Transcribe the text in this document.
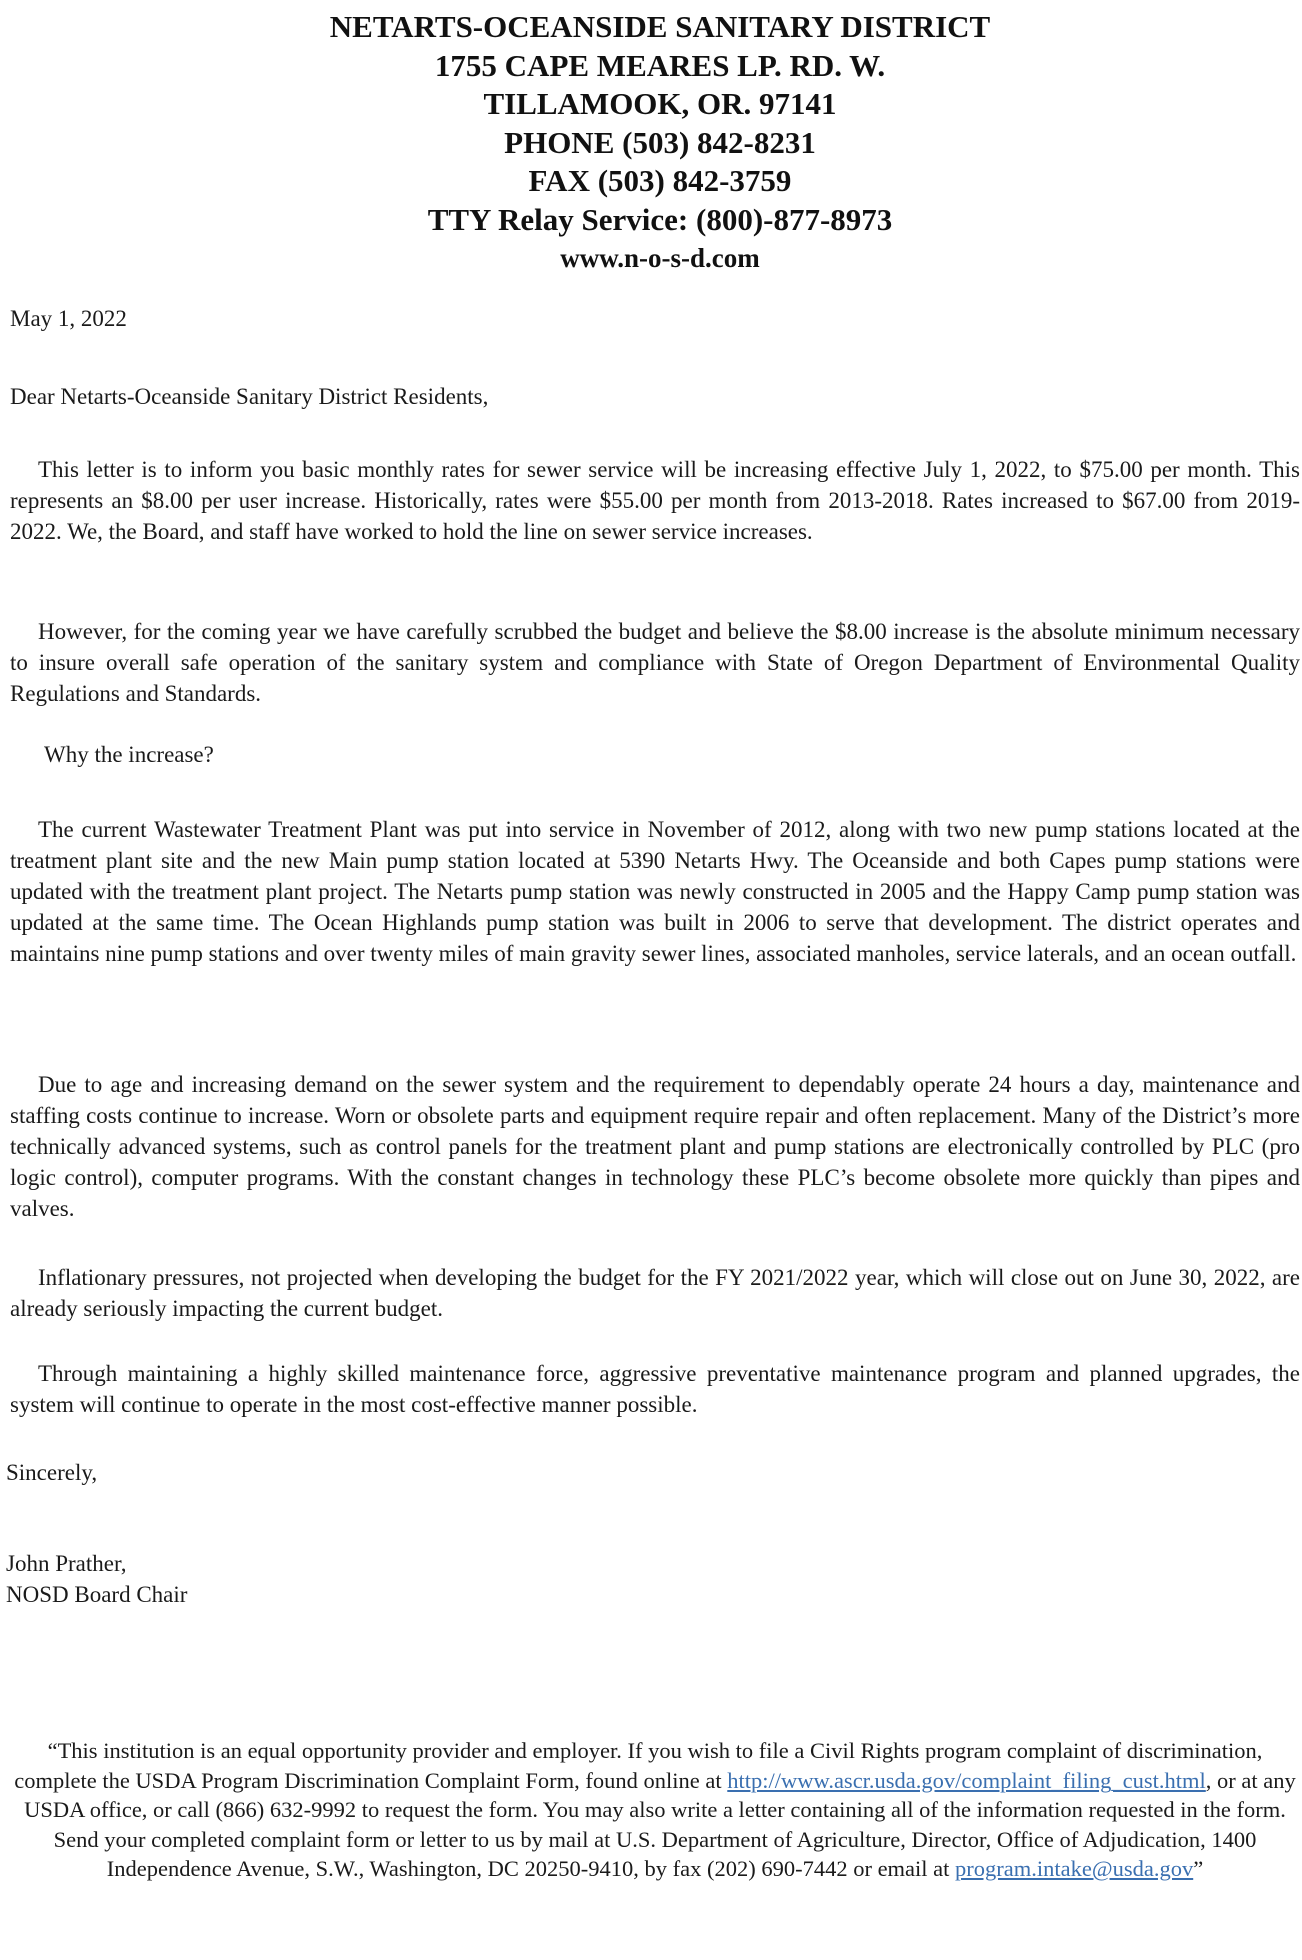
NETARTS-OCEANSIDE SANITARY DISTRICT
1755 CAPE MEARES LP. RD. W.
TILLAMOOK, OR. 97141
PHONE (503) 842-8231
FAX (503) 842-3759
TTY Relay Service: (800)-877-8973
www.n-o-s-d.com
May 1, 2022
Dear Netarts-Oceanside Sanitary District Residents,

This letter is to inform you basic monthly rates for sewer service will be increasing effective July 1, 2022, to $75.00 per month. This represents an $8.00 per user increase. Historically, rates were $55.00 per month from 2013-2018. Rates increased to $67.00 from 2019-2022. We, the Board, and staff have worked to hold the line on sewer service increases.

However, for the coming year we have carefully scrubbed the budget and believe the $8.00 increase is the absolute minimum necessary to insure overall safe operation of the sanitary system and compliance with State of Oregon Department of Environmental Quality Regulations and Standards.

Why the increase?

The current Wastewater Treatment Plant was put into service in November of 2012, along with two new pump stations located at the treatment plant site and the new Main pump station located at 5390 Netarts Hwy. The Oceanside and both Capes pump stations were updated with the treatment plant project. The Netarts pump station was newly constructed in 2005 and the Happy Camp pump station was updated at the same time. The Ocean Highlands pump station was built in 2006 to serve that development. The district operates and maintains nine pump stations and over twenty miles of main gravity sewer lines, associated manholes, service laterals, and an ocean outfall.

Due to age and increasing demand on the sewer system and the requirement to dependably operate 24 hours a day, maintenance and staffing costs continue to increase. Worn or obsolete parts and equipment require repair and often replacement. Many of the District’s more technically advanced systems, such as control panels for the treatment plant and pump stations are electronically controlled by PLC (pro logic control), computer programs. With the constant changes in technology these PLC’s become obsolete more quickly than pipes and valves.

Inflationary pressures, not projected when developing the budget for the FY 2021/2022 year, which will close out on June 30, 2022, are already seriously impacting the current budget.

Through maintaining a highly skilled maintenance force, aggressive preventative maintenance program and planned upgrades, the system will continue to operate in the most cost-effective manner possible.

Sincerely,
John Prather,
NOSD Board Chair
“This institution is an equal opportunity provider and employer. If you wish to file a Civil Rights program complaint of discrimination, complete the USDA Program Discrimination Complaint Form, found online at http://www.ascr.usda.gov/complaint_filing_cust.html, or at any USDA office, or call (866) 632-9992 to request the form. You may also write a letter containing all of the information requested in the form. Send your completed complaint form or letter to us by mail at U.S. Department of Agriculture, Director, Office of Adjudication, 1400 Independence Avenue, S.W., Washington, DC 20250-9410, by fax (202) 690-7442 or email at program.intake@usda.gov”
